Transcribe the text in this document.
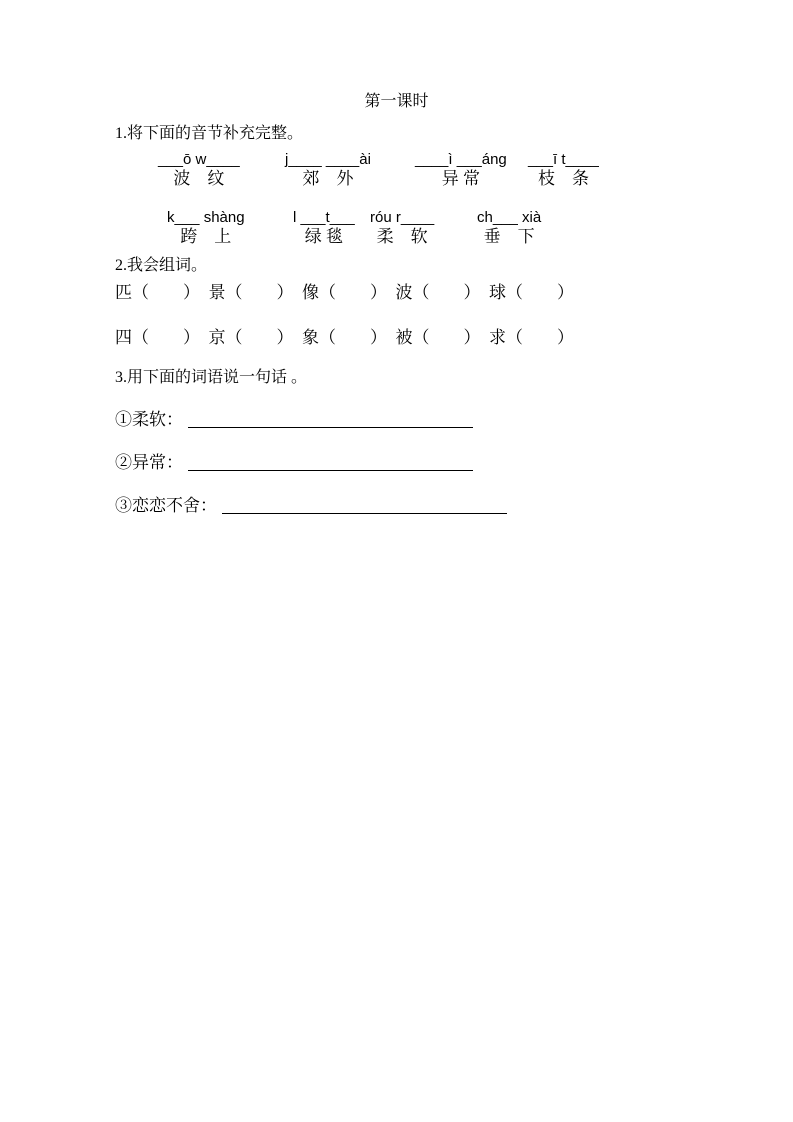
第一课时
1.将下面的音节补充完整。
___ō w____
波　纹
j____ ____ài
郊　外
____ì ___áng
异 常
___ī t____
枝　条
k___ shàng
跨　上
l ___t___
绿 毯
róu r____
柔　软
ch___ xià
垂　下
2.我会组词。
匹（　　）　景（　　）　像（　　）　波（　　）　球（　　）
四（　　）　京（　　）　象（　　）　被（　　）　求（　　）
3.用下面的词语说一句话 。
①柔软：
②异常：
③恋恋不舍：
